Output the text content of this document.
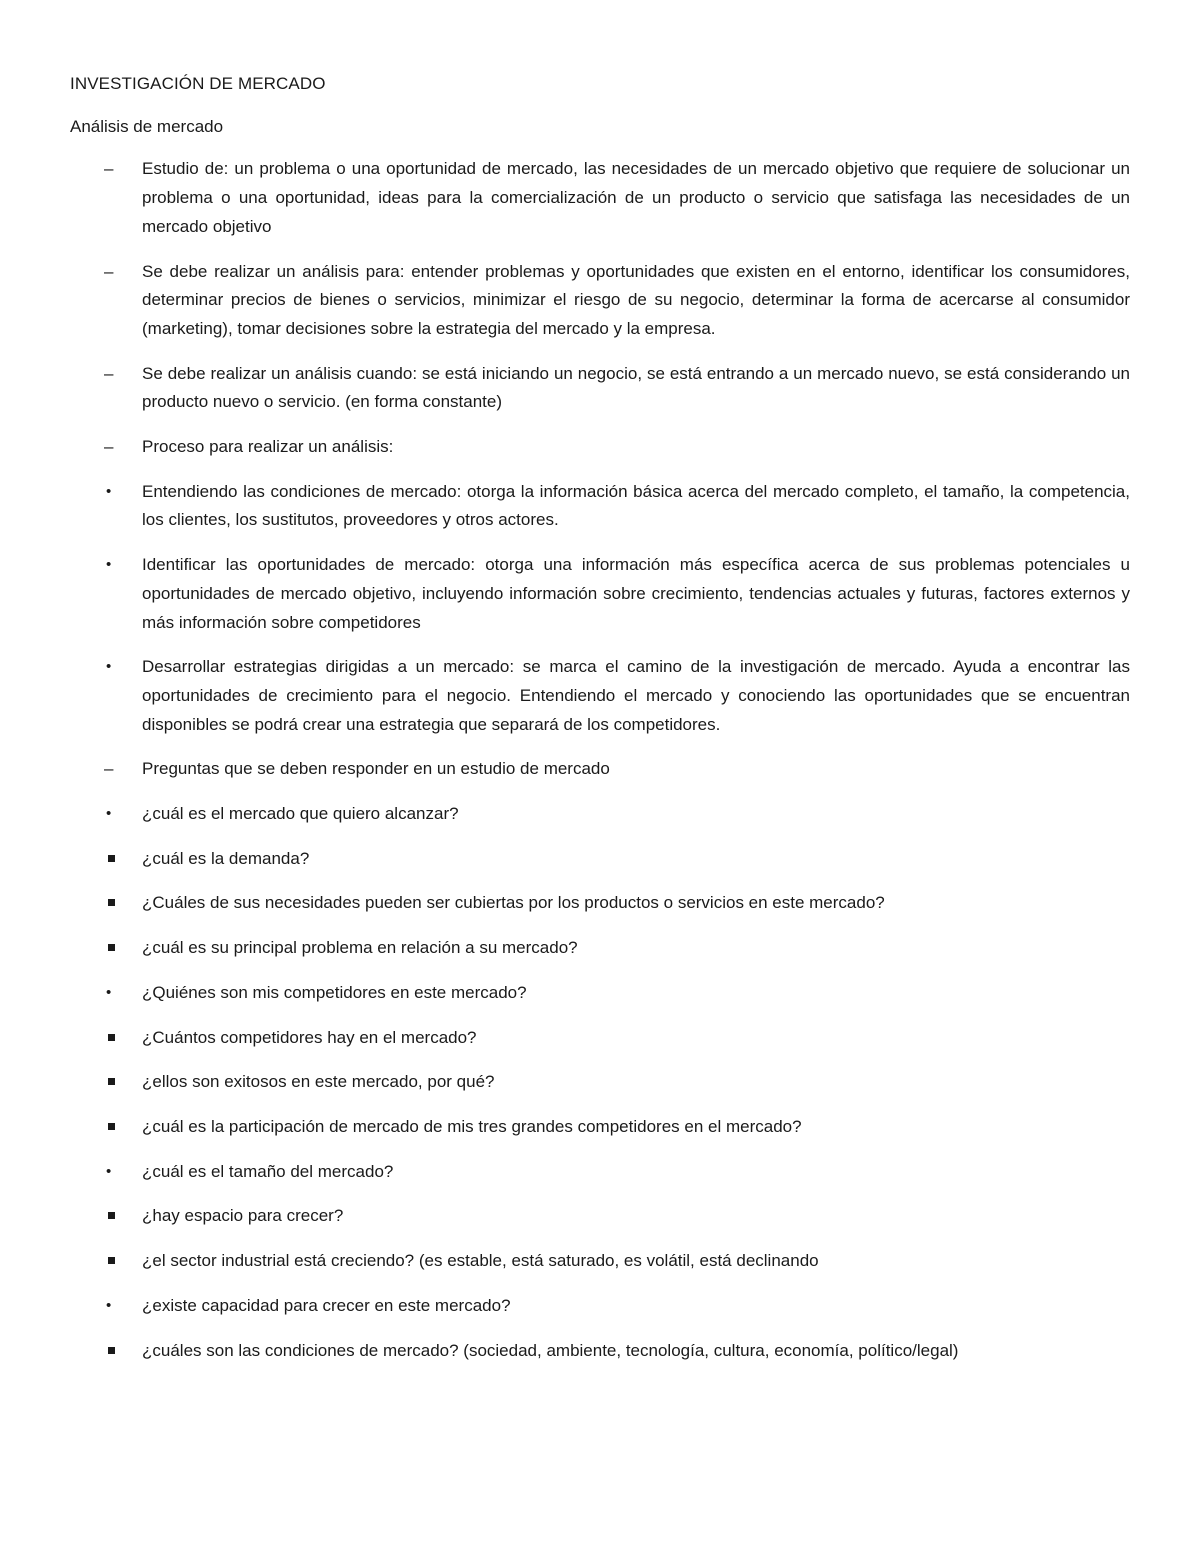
INVESTIGACIÓN DE MERCADO
Análisis de mercado
– Estudio de: un problema o una oportunidad de mercado, las necesidades de un mercado objetivo que requiere de solucionar un problema o una oportunidad, ideas para la comercialización de un producto o servicio que satisfaga las necesidades de un mercado objetivo
– Se debe realizar un análisis para: entender problemas y oportunidades que existen en el entorno, identificar los consumidores, determinar precios de bienes o servicios, minimizar el riesgo de su negocio, determinar la forma de acercarse al consumidor (marketing), tomar decisiones sobre la estrategia del mercado y la empresa.
– Se debe realizar un análisis cuando: se está iniciando un negocio, se está entrando a un mercado nuevo, se está considerando un producto nuevo o servicio. (en forma constante)
– Proceso para realizar un análisis:
• Entendiendo las condiciones de mercado: otorga la información básica acerca del mercado completo, el tamaño, la competencia, los clientes, los sustitutos, proveedores y otros actores.
• Identificar las oportunidades de mercado: otorga una información más específica acerca de sus problemas potenciales u oportunidades de mercado objetivo, incluyendo información sobre crecimiento, tendencias actuales y futuras, factores externos y más información sobre competidores
• Desarrollar estrategias dirigidas a un mercado: se marca el camino de la investigación de mercado. Ayuda a encontrar las oportunidades de crecimiento para el negocio. Entendiendo el mercado y conociendo las oportunidades que se encuentran disponibles se podrá crear una estrategia que separará de los competidores.
– Preguntas que se deben responder en un estudio de mercado
• ¿cuál es el mercado que quiero alcanzar?
¿cuál es la demanda?
¿Cuáles de sus necesidades pueden ser cubiertas por los productos o servicios en este mercado?
¿cuál es su principal problema en relación a su mercado?
• ¿Quiénes son mis competidores en este mercado?
¿Cuántos competidores hay en el mercado?
¿ellos son exitosos en este mercado, por qué?
¿cuál es la participación de mercado de mis tres grandes competidores en el mercado?
• ¿cuál es el tamaño del mercado?
¿hay espacio para crecer?
¿el sector industrial está creciendo? (es estable, está saturado, es volátil, está declinando
• ¿existe capacidad para crecer en este mercado?
¿cuáles son las condiciones de mercado? (sociedad, ambiente, tecnología, cultura, economía, político/legal)
